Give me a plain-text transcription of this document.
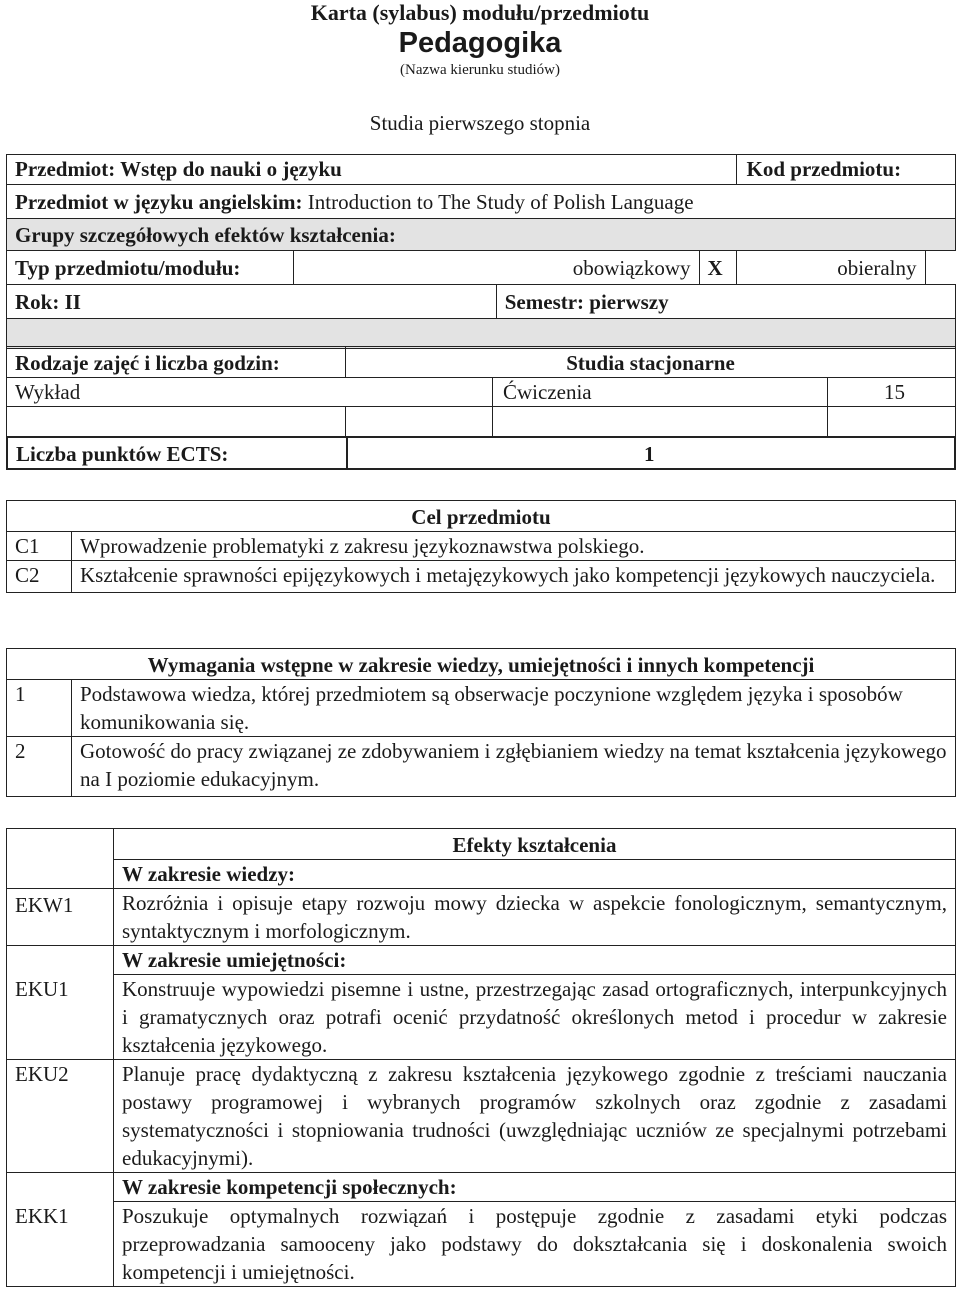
Karta (sylabus) modułu/przedmiotu
Pedagogika
(Nazwa kierunku studiów)
Studia pierwszego stopnia
Przedmiot: Wstęp do nauki o języku				Kod przedmiotu:	
Przedmiot w języku angielskim: Introduction to The Study of Polish Language					
Grupy szczegółowych efektów kształcenia:					
Typ przedmiotu/modułu:	obowiązkowy		X	obieralny	
Rok: II		Semestr: pierwszy			

Rodzaje zajęć i liczba godzin:	Studia stacjonarne		
Wykład		Ćwiczenia	15

Liczba punktów ECTS:	1
Cel przedmiotu	
C1	Wprowadzenie problematyki z zakresu językoznawstwa polskiego.
C2	Kształcenie sprawności epijęzykowych i metajęzykowych jako kompetencji językowych nauczyciela.
Wymagania wstępne w zakresie wiedzy, umiejętności i innych kompetencji	
1	Podstawowa wiedza, której przedmiotem są obserwacje poczynione względem języka i sposobów komunikowania się.
2	Gotowość do pracy związanej ze zdobywaniem i zgłębianiem wiedzy na temat kształcenia językowego na I poziomie edukacyjnym.
	Efekty kształcenia
	W zakresie wiedzy:
EKW1	Rozróżnia i opisuje etapy rozwoju mowy dziecka w aspekcie fonologicznym, semantycznym, syntaktycznym i morfologicznym.
	W zakresie umiejętności:
EKU1	Konstruuje wypowiedzi pisemne i ustne, przestrzegając zasad ortograficznych, interpunkcyjnych i gramatycznych oraz potrafi ocenić przydatność określonych metod i procedur w zakresie kształcenia językowego.
EKU2	Planuje pracę dydaktyczną z zakresu kształcenia językowego zgodnie z treściami nauczania postawy programowej i wybranych programów szkolnych oraz zgodnie z zasadami systematyczności i stopniowania trudności (uwzględniając uczniów ze specjalnymi potrzebami edukacyjnymi).
	W zakresie kompetencji społecznych:
EKK1	Poszukuje optymalnych rozwiązań i postępuje zgodnie z zasadami etyki podczas przeprowadzania samooceny jako podstawy do dokształcania się i doskonalenia swoich kompetencji i umiejętności.
